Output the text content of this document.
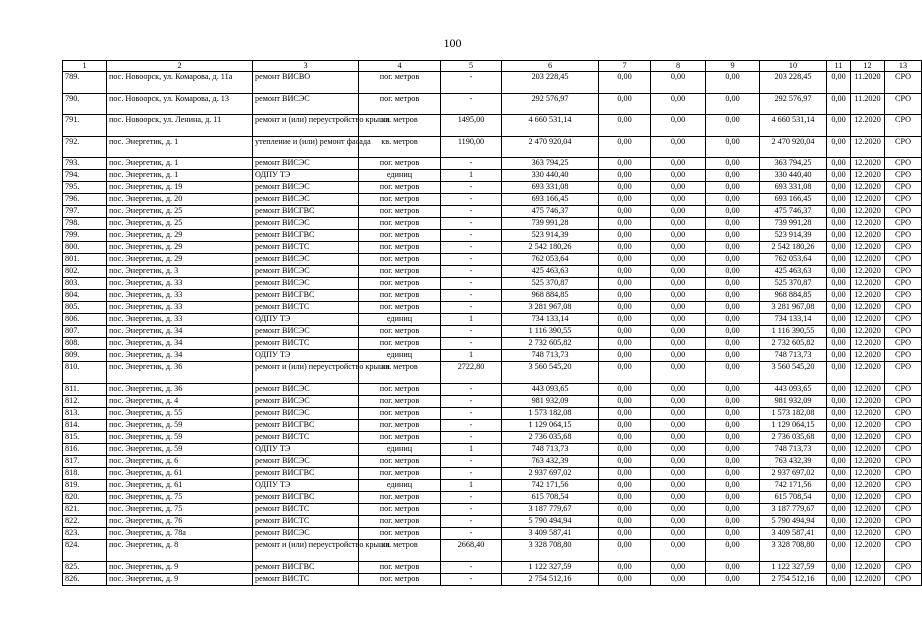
100
1	2	3	4	5	6	7	8	9	10	11	12	13
789.	пос. Новоорск, ул. Комарова, д. 11а	ремонт ВИСВО	пог. метров	-	203 228,45	0,00	0,00	0,00	203 228,45	0,00	11.2020	СРО
790.	пос. Новоорск, ул. Комарова, д. 13	ремонт ВИСЭС	пог. метров	-	292 576,97	0,00	0,00	0,00	292 576,97	0,00	11.2020	СРО
791.	пос. Новоорск, ул. Ленина, д. 11	ремонт и (или) переустройство крыши	кв. метров	1495,00	4 660 531,14	0,00	0,00	0,00	4 660 531,14	0,00	12.2020	СРО
792.	пос. Энергетик, д. 1	утепление и (или) ремонт фасада	кв. метров	1190,00	2 470 920,04	0,00	0,00	0,00	2 470 920,04	0,00	12.2020	СРО
793.	пос. Энергетик, д. 1	ремонт ВИСЭС	пог. метров	-	363 794,25	0,00	0,00	0,00	363 794,25	0,00	12.2020	СРО
794.	пос. Энергетик, д. 1	ОДПУ ТЭ	единиц	1	330 440,40	0,00	0,00	0,00	330 440,40	0,00	12.2020	СРО
795.	пос. Энергетик, д. 19	ремонт ВИСЭС	пог. метров	-	693 331,08	0,00	0,00	0,00	693 331,08	0,00	12.2020	СРО
796.	пос. Энергетик, д. 20	ремонт ВИСЭС	пог. метров	-	693 166,45	0,00	0,00	0,00	693 166,45	0,00	12.2020	СРО
797.	пос. Энергетик, д. 25	ремонт ВИСГВС	пог. метров	-	475 746,37	0,00	0,00	0,00	475 746,37	0,00	12.2020	СРО
798.	пос. Энергетик, д. 25	ремонт ВИСЭС	пог. метров	-	739 991,28	0,00	0,00	0,00	739 991,28	0,00	12.2020	СРО
799.	пос. Энергетик, д. 29	ремонт ВИСГВС	пог. метров	-	523 914,39	0,00	0,00	0,00	523 914,39	0,00	12.2020	СРО
800.	пос. Энергетик, д. 29	ремонт ВИСТС	пог. метров	-	2 542 180,26	0,00	0,00	0,00	2 542 180,26	0,00	12.2020	СРО
801.	пос. Энергетик, д. 29	ремонт ВИСЭС	пог. метров	-	762 053,64	0,00	0,00	0,00	762 053,64	0,00	12.2020	СРО
802.	пос. Энергетик, д. 3	ремонт ВИСЭС	пог. метров	-	425 463,63	0,00	0,00	0,00	425 463,63	0,00	12.2020	СРО
803.	пос. Энергетик, д. 33	ремонт ВИСЭС	пог. метров	-	525 370,87	0,00	0,00	0,00	525 370,87	0,00	12.2020	СРО
804.	пос. Энергетик, д. 33	ремонт ВИСГВС	пог. метров	-	968 884,85	0,00	0,00	0,00	968 884,85	0,00	12.2020	СРО
805.	пос. Энергетик, д. 33	ремонт ВИСТС	пог. метров	-	3 281 967,08	0,00	0,00	0,00	3 281 967,08	0,00	12.2020	СРО
806.	пос. Энергетик, д. 33	ОДПУ ТЭ	единиц	1	734 133,14	0,00	0,00	0,00	734 133,14	0,00	12.2020	СРО
807.	пос. Энергетик, д. 34	ремонт ВИСЭС	пог. метров	-	1 116 390,55	0,00	0,00	0,00	1 116 390,55	0,00	12.2020	СРО
808.	пос. Энергетик, д. 34	ремонт ВИСТС	пог. метров	-	2 732 605,82	0,00	0,00	0,00	2 732 605,82	0,00	12.2020	СРО
809.	пос. Энергетик, д. 34	ОДПУ ТЭ	единиц	1	748 713,73	0,00	0,00	0,00	748 713,73	0,00	12.2020	СРО
810.	пос. Энергетик, д. 36	ремонт и (или) переустройство крыши	кв. метров	2722,80	3 560 545,20	0,00	0,00	0,00	3 560 545,20	0,00	12.2020	СРО
811.	пос. Энергетик, д. 36	ремонт ВИСЭС	пог. метров	-	443 093,65	0,00	0,00	0,00	443 093,65	0,00	12.2020	СРО
812.	пос. Энергетик, д. 4	ремонт ВИСЭС	пог. метров	-	981 932,09	0,00	0,00	0,00	981 932,09	0,00	12.2020	СРО
813.	пос. Энергетик, д. 55	ремонт ВИСЭС	пог. метров	-	1 573 182,08	0,00	0,00	0,00	1 573 182,08	0,00	12.2020	СРО
814.	пос. Энергетик, д. 59	ремонт ВИСГВС	пог. метров	-	1 129 064,15	0,00	0,00	0,00	1 129 064,15	0,00	12.2020	СРО
815.	пос. Энергетик, д. 59	ремонт ВИСТС	пог. метров	-	2 736 035,68	0,00	0,00	0,00	2 736 035,68	0,00	12.2020	СРО
816.	пос. Энергетик, д. 59	ОДПУ ТЭ	единиц	1	748 713,73	0,00	0,00	0,00	748 713,73	0,00	12.2020	СРО
817.	пос. Энергетик, д. 6	ремонт ВИСЭС	пог. метров	-	763 432,39	0,00	0,00	0,00	763 432,39	0,00	12.2020	СРО
818.	пос. Энергетик, д. 61	ремонт ВИСГВС	пог. метров	-	2 937 697,02	0,00	0,00	0,00	2 937 697,02	0,00	12.2020	СРО
819.	пос. Энергетик, д. 61	ОДПУ ТЭ	единиц	1	742 171,56	0,00	0,00	0,00	742 171,56	0,00	12.2020	СРО
820.	пос. Энергетик, д. 75	ремонт ВИСГВС	пог. метров	-	615 708,54	0,00	0,00	0,00	615 708,54	0,00	12.2020	СРО
821.	пос. Энергетик, д. 75	ремонт ВИСТС	пог. метров	-	3 187 779,67	0,00	0,00	0,00	3 187 779,67	0,00	12.2020	СРО
822.	пос. Энергетик, д. 76	ремонт ВИСТС	пог. метров	-	5 790 494,94	0,00	0,00	0,00	5 790 494,94	0,00	12.2020	СРО
823.	пос. Энергетик, д. 78а	ремонт ВИСЭС	пог. метров	-	3 409 587,41	0,00	0,00	0,00	3 409 587,41	0,00	12.2020	СРО
824.	пос. Энергетик, д. 8	ремонт и (или) переустройство крыши	кв. метров	2668,40	3 328 708,80	0,00	0,00	0,00	3 328 708,80	0,00	12.2020	СРО
825.	пос. Энергетик, д. 9	ремонт ВИСГВС	пог. метров	-	1 122 327,59	0,00	0,00	0,00	1 122 327,59	0,00	12.2020	СРО
826.	пос. Энергетик, д. 9	ремонт ВИСТС	пог. метров	-	2 754 512,16	0,00	0,00	0,00	2 754 512,16	0,00	12.2020	СРО
